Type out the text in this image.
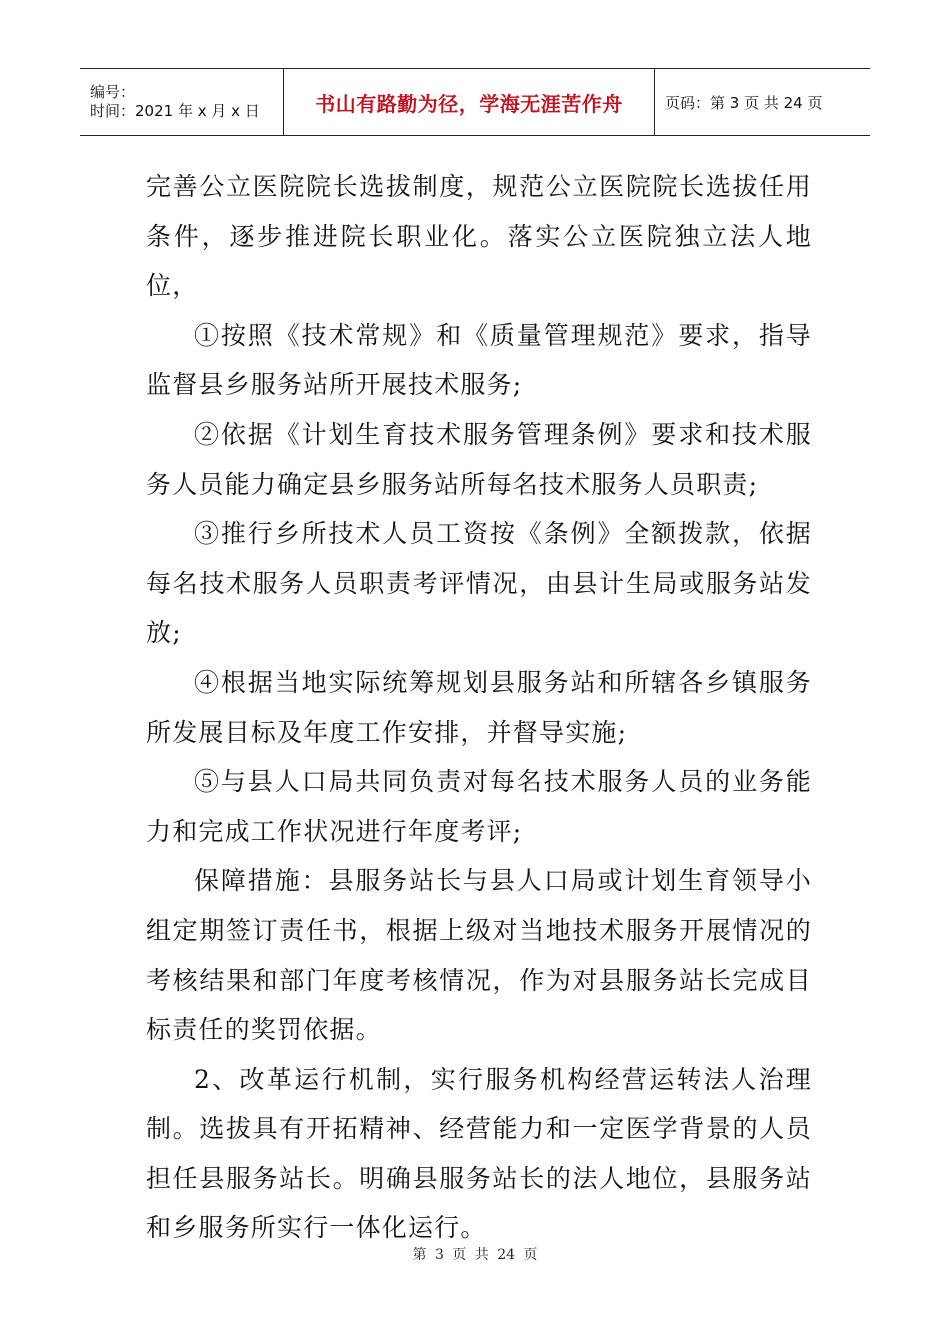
编号：
时间：2021 年 x 月 x 日	书山有路勤为径，学海无涯苦作舟	页码：第 3 页 共 24 页

完善公立医院院长选拔制度，规范公立医院院长选拔任用条件，逐步推进院长职业化。落实公立医院独立法人地位，

①按照《技术常规》和《质量管理规范》要求，指导监督县乡服务站所开展技术服务;

②依据《计划生育技术服务管理条例》要求和技术服务人员能力确定县乡服务站所每名技术服务人员职责;

③推行乡所技术人员工资按《条例》全额拨款，依据每名技术服务人员职责考评情况，由县计生局或服务站发放;

④根据当地实际统筹规划县服务站和所辖各乡镇服务所发展目标及年度工作安排，并督导实施;

⑤与县人口局共同负责对每名技术服务人员的业务能力和完成工作状况进行年度考评;

保障措施：县服务站长与县人口局或计划生育领导小组定期签订责任书，根据上级对当地技术服务开展情况的考核结果和部门年度考核情况，作为对县服务站长完成目标责任的奖罚依据。

2、改革运行机制，实行服务机构经营运转法人治理制。选拔具有开拓精神、经营能力和一定医学背景的人员担任县服务站长。明确县服务站长的法人地位，县服务站和乡服务所实行一体化运行。

第 3 页 共 24 页
